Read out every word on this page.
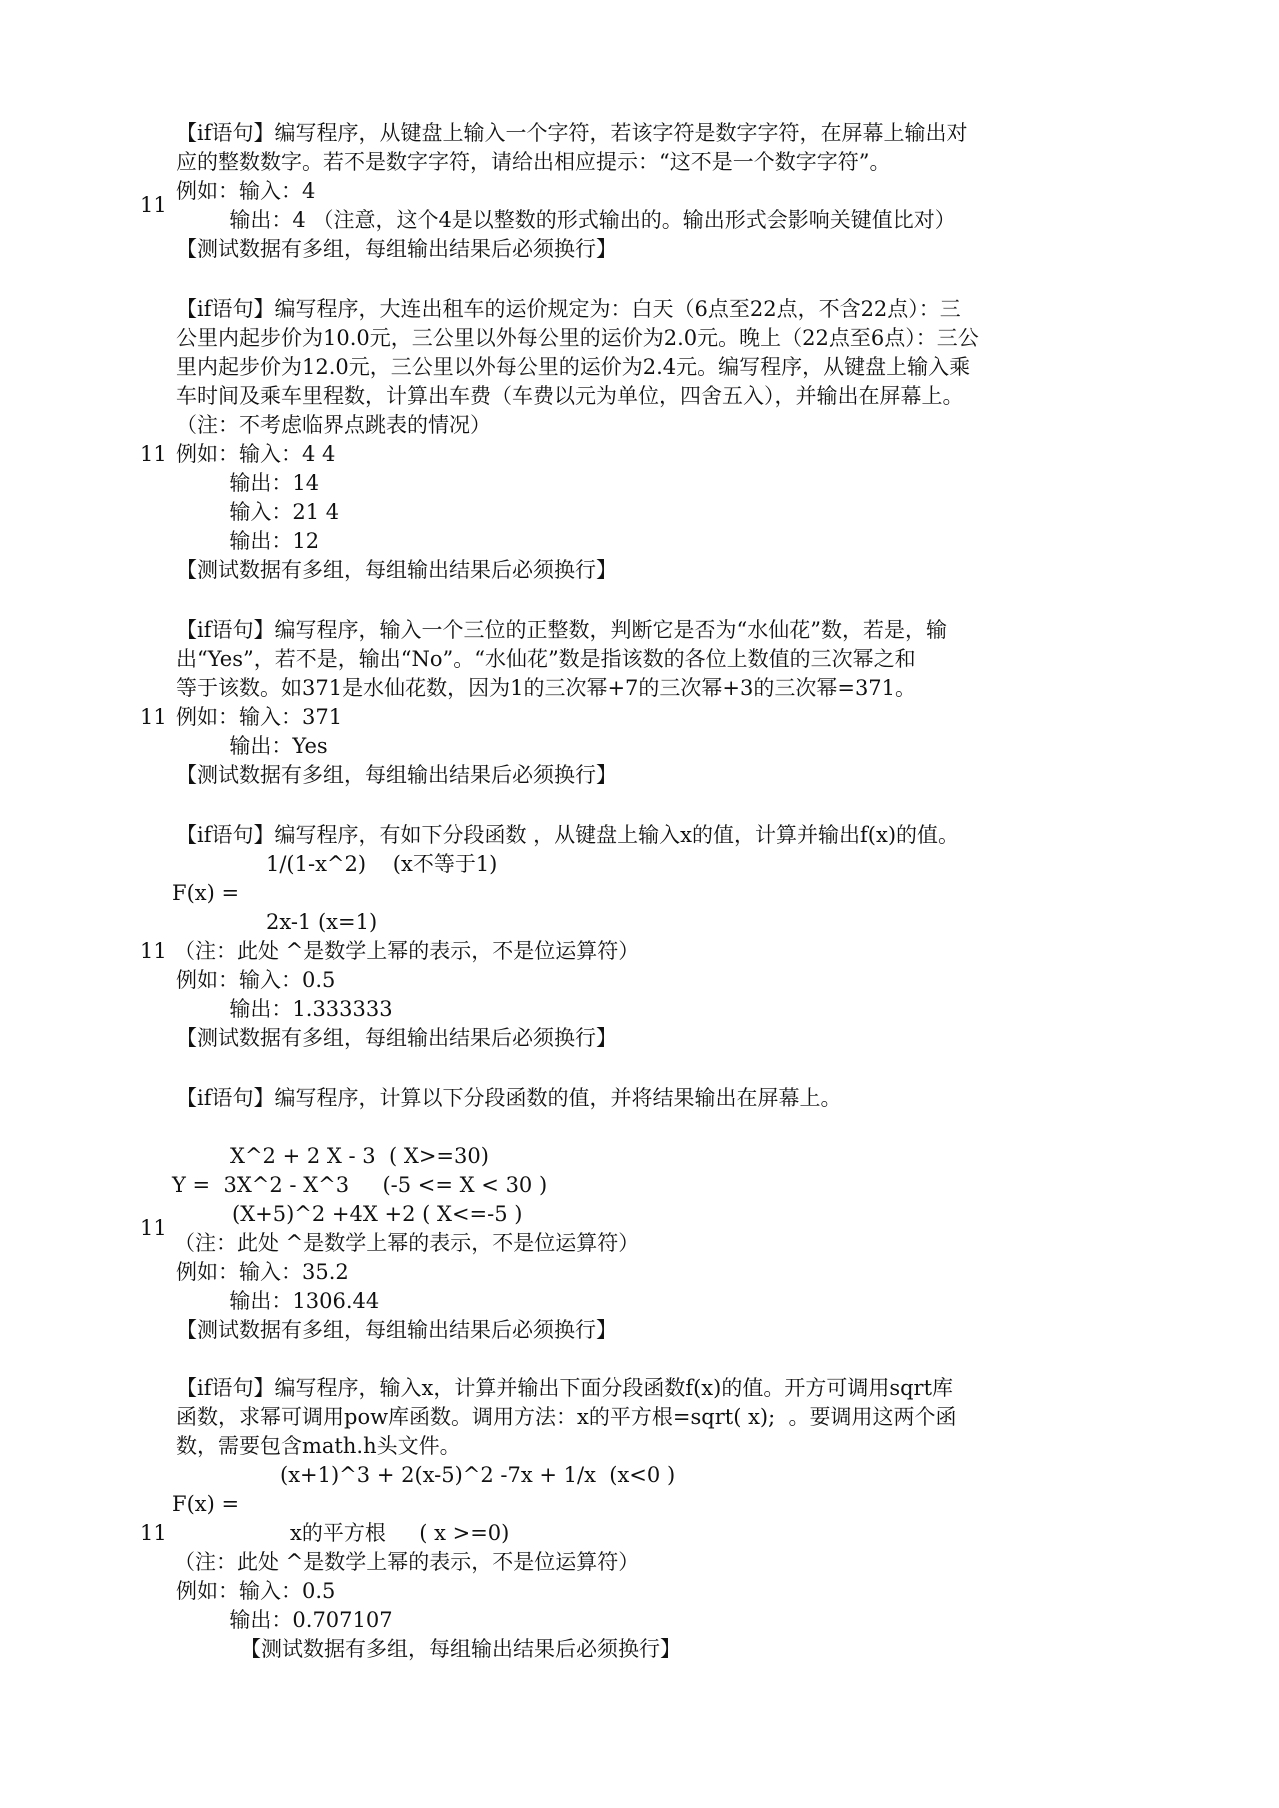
【if语句】编写程序，从键盘上输入一个字符，若该字符是数字字符，在屏幕上输出对

应的整数数字。若不是数字字符，请给出相应提示：“这不是一个数字字符”。

11

例如：输入：4

输出：4 （注意，这个4是以整数的形式输出的。输出形式会影响关键值比对）

【测试数据有多组，每组输出结果后必须换行】

【if语句】编写程序，大连出租车的运价规定为：白天（6点至22点，不含22点）：三

公里内起步价为10.0元，三公里以外每公里的运价为2.0元。晚上（22点至6点）：三公

里内起步价为12.0元，三公里以外每公里的运价为2.4元。编写程序，从键盘上输入乘

车时间及乘车里程数，计算出车费（车费以元为单位，四舍五入），并输出在屏幕上。

（注：不考虑临界点跳表的情况）

11 例如：输入：4 4

输出：14

输入：21 4

输出：12

【测试数据有多组，每组输出结果后必须换行】

【if语句】编写程序，输入一个三位的正整数，判断它是否为“水仙花”数，若是，输

出“Yes”，若不是，输出“No”。“水仙花”数是指该数的各位上数值的三次幂之和

等于该数。如371是水仙花数，因为1的三次幂+7的三次幂+3的三次幂=371。

11 例如：输入：371

输出：Yes

【测试数据有多组，每组输出结果后必须换行】

【if语句】编写程序，有如下分段函数 ，从键盘上输入x的值，计算并输出f(x)的值。

1/(1-x^2)    (x不等于1)

F(x) =

2x-1 (x=1)

11 （注：此处 ^是数学上幂的表示，不是位运算符）

例如：输入：0.5

输出：1.333333

【测试数据有多组，每组输出结果后必须换行】

【if语句】编写程序，计算以下分段函数的值，并将结果输出在屏幕上。

X^2 + 2 X - 3  ( X>=30)

Y =  3X^2 - X^3     (-5 <= X < 30 )

(X+5)^2 +4X +2 ( X<=-5 )

11

（注：此处 ^是数学上幂的表示，不是位运算符）

例如：输入：35.2

输出：1306.44

【测试数据有多组，每组输出结果后必须换行】

【if语句】编写程序，输入x，计算并输出下面分段函数f(x)的值。开方可调用sqrt库

函数，求幂可调用pow库函数。调用方法：x的平方根=sqrt( x);  。要调用这两个函

数，需要包含math.h头文件。

(x+1)^3 + 2(x-5)^2 -7x + 1/x  (x<0 )

F(x) =

11	x的平方根     ( x >=0)

（注：此处 ^是数学上幂的表示，不是位运算符）

例如：输入：0.5

输出：0.707107

【测试数据有多组，每组输出结果后必须换行】
